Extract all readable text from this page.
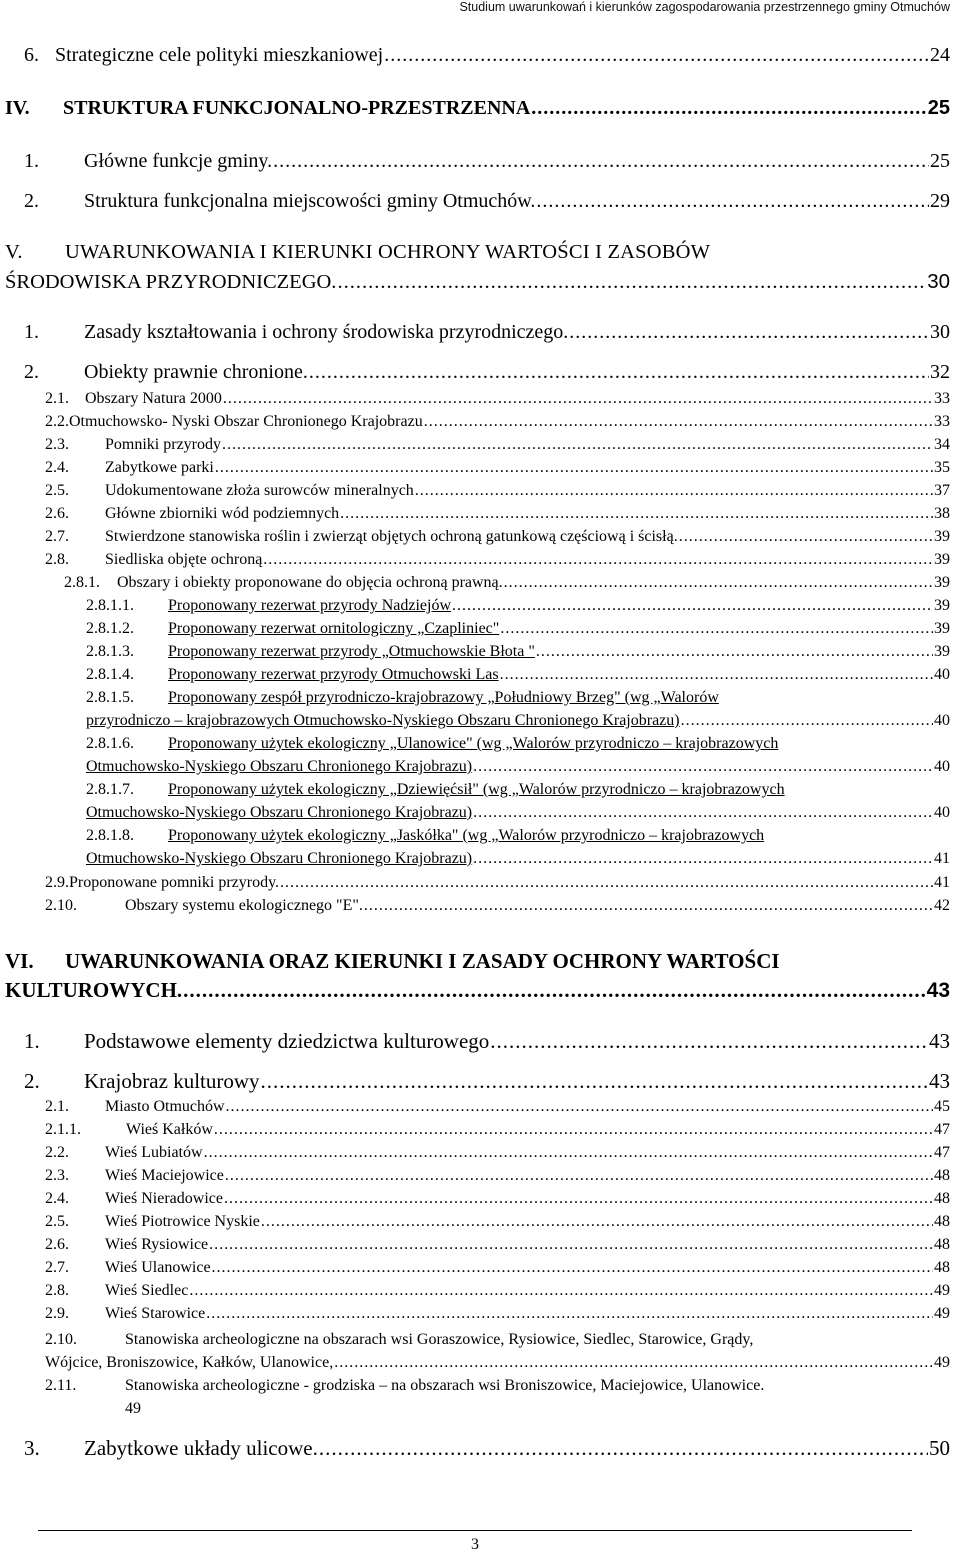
Studium uwarunkowań i kierunków zagospodarowania przestrzennego gminy Otmuchów
6. Strategiczne cele polityki mieszkaniowej .....	24
IV. STRUKTURA FUNKCJONALNO-PRZESTRZENNA .....	25
1. Główne funkcje gminy. .....	25
2. Struktura funkcjonalna miejscowości gminy Otmuchów. .....	29
V. UWARUNKOWANIA I KIERUNKI OCHRONY WARTOŚCI I ZASOBÓW
ŚRODOWISKA PRZYRODNICZEGO. .....	30
1. Zasady kształtowania i ochrony środowiska przyrodniczego. .....	30
2. Obiekty prawnie chronione. .....	32
2.1. Obszary Natura 2000 .....	33
2.2.Otmuchowsko- Nyski Obszar Chronionego Krajobrazu .....	33
2.3. Pomniki przyrody .....	34
2.4. Zabytkowe parki .....	35
2.5. Udokumentowane złoża surowców mineralnych .....	37
2.6. Główne zbiorniki wód podziemnych .....	38
2.7. Stwierdzone stanowiska roślin i zwierząt objętych ochroną gatunkową częściową i ścisłą. .....	39
2.8. Siedliska objęte ochroną .....	39
2.8.1. Obszary i obiekty proponowane do objęcia ochroną prawną. .....	39
2.8.1.1. Proponowany rezerwat przyrody Nadziejów .....	39
2.8.1.2. Proponowany rezerwat ornitologiczny „Czapliniec" .....	39
2.8.1.3. Proponowany rezerwat przyrody „Otmuchowskie Błota " .....	39
2.8.1.4. Proponowany rezerwat przyrody Otmuchowski Las .....	40
2.8.1.5. Proponowany zespół przyrodniczo-krajobrazowy „Południowy Brzeg" (wg „Walorów
przyrodniczo – krajobrazowych Otmuchowsko-Nyskiego Obszaru Chronionego Krajobrazu) .....	40
2.8.1.6. Proponowany użytek ekologiczny „Ulanowice" (wg „Walorów przyrodniczo – krajobrazowych
Otmuchowsko-Nyskiego Obszaru Chronionego Krajobrazu) .....	40
2.8.1.7. Proponowany użytek ekologiczny „Dziewięćsił" (wg „Walorów przyrodniczo – krajobrazowych
Otmuchowsko-Nyskiego Obszaru Chronionego Krajobrazu) .....	40
2.8.1.8. Proponowany użytek ekologiczny „Jaskółka" (wg „Walorów przyrodniczo – krajobrazowych
Otmuchowsko-Nyskiego Obszaru Chronionego Krajobrazu) .....	41
2.9.Proponowane pomniki przyrody. .....	41
2.10.	Obszary systemu ekologicznego "E". .....	42
VI. UWARUNKOWANIA ORAZ KIERUNKI I ZASADY OCHRONY WARTOŚCI
KULTUROWYCH. .....	43
1. Podstawowe elementy dziedzictwa kulturowego .....	43
2. Krajobraz kulturowy .....	43
2.1. Miasto Otmuchów .....	45
2.1.1.	Wieś Kałków .....	47
2.2. Wieś Lubiatów .....	47
2.3. Wieś Maciejowice .....	48
2.4. Wieś Nieradowice .....	48
2.5. Wieś Piotrowice Nyskie .....	48
2.6. Wieś Rysiowice .....	48
2.7. Wieś Ulanowice .....	48
2.8. Wieś Siedlec .....	49
2.9. Wieś Starowice .....	49
2.10.	Stanowiska archeologiczne na obszarach wsi Goraszowice, Rysiowice, Siedlec, Starowice, Grądy,
Wójcice, Broniszowice, Kałków, Ulanowice, .....	49
2.11.	Stanowiska archeologiczne - grodziska – na obszarach wsi Broniszowice, Maciejowice, Ulanowice.
49
3. Zabytkowe układy ulicowe. .....	50
3
